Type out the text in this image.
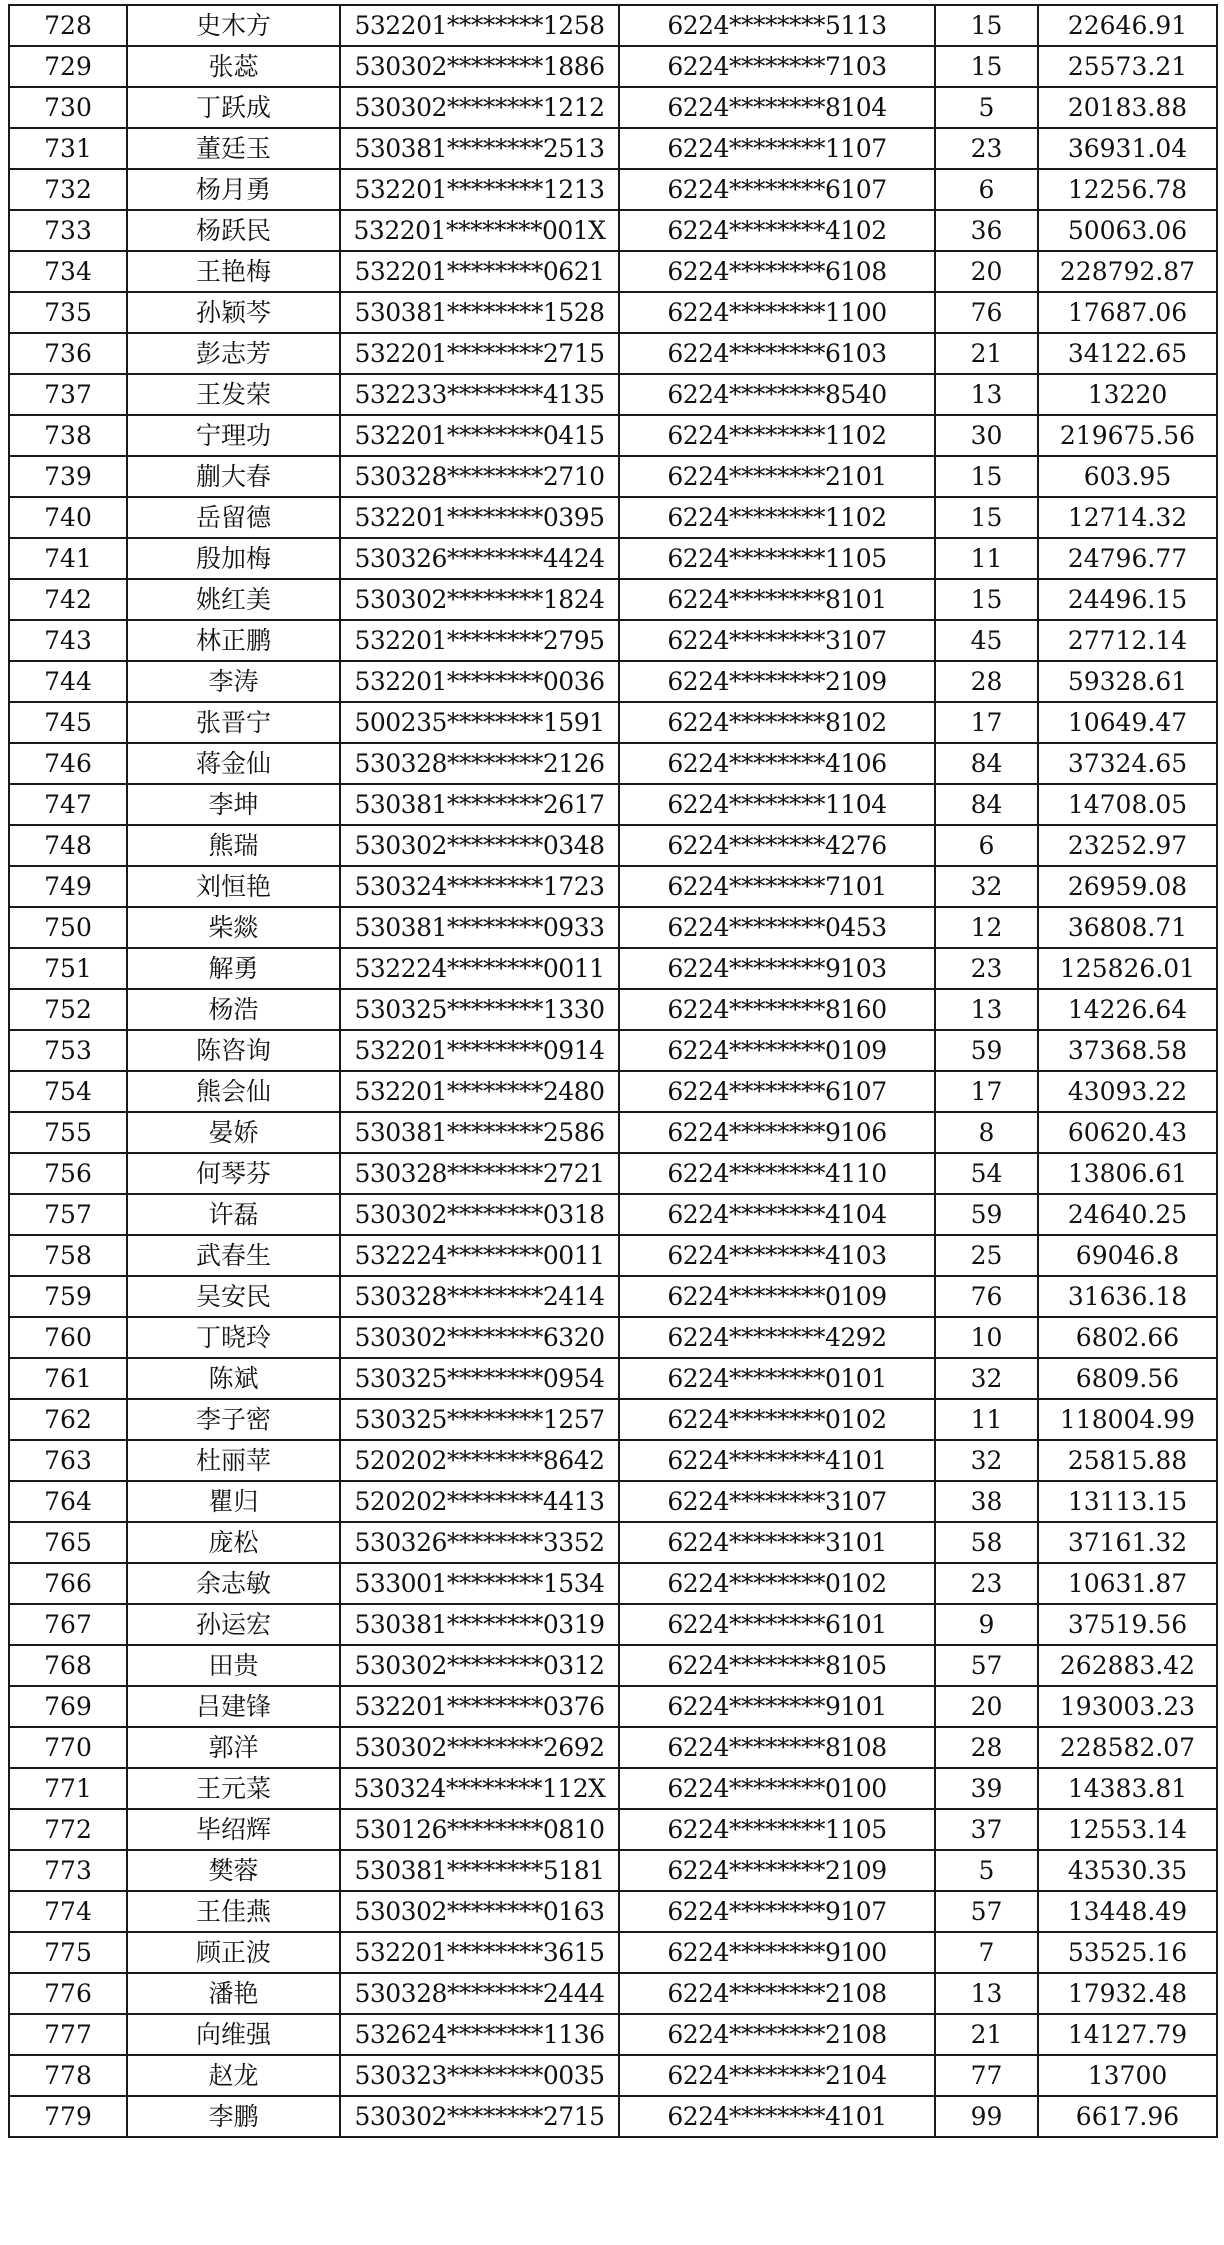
728	史木方	532201********1258	6224********5113	15	22646.91
729	张蕊	530302********1886	6224********7103	15	25573.21
730	丁跃成	530302********1212	6224********8104	5	20183.88
731	董廷玉	530381********2513	6224********1107	23	36931.04
732	杨月勇	532201********1213	6224********6107	6	12256.78
733	杨跃民	532201********001X	6224********4102	36	50063.06
734	王艳梅	532201********0621	6224********6108	20	228792.87
735	孙颖芩	530381********1528	6224********1100	76	17687.06
736	彭志芳	532201********2715	6224********6103	21	34122.65
737	王发荣	532233********4135	6224********8540	13	13220
738	宁理功	532201********0415	6224********1102	30	219675.56
739	蒯大春	530328********2710	6224********2101	15	603.95
740	岳留德	532201********0395	6224********1102	15	12714.32
741	殷加梅	530326********4424	6224********1105	11	24796.77
742	姚红美	530302********1824	6224********8101	15	24496.15
743	林正鹏	532201********2795	6224********3107	45	27712.14
744	李涛	532201********0036	6224********2109	28	59328.61
745	张晋宁	500235********1591	6224********8102	17	10649.47
746	蒋金仙	530328********2126	6224********4106	84	37324.65
747	李坤	530381********2617	6224********1104	84	14708.05
748	熊瑞	530302********0348	6224********4276	6	23252.97
749	刘恒艳	530324********1723	6224********7101	32	26959.08
750	柴燚	530381********0933	6224********0453	12	36808.71
751	解勇	532224********0011	6224********9103	23	125826.01
752	杨浩	530325********1330	6224********8160	13	14226.64
753	陈咨询	532201********0914	6224********0109	59	37368.58
754	熊会仙	532201********2480	6224********6107	17	43093.22
755	晏娇	530381********2586	6224********9106	8	60620.43
756	何琴芬	530328********2721	6224********4110	54	13806.61
757	许磊	530302********0318	6224********4104	59	24640.25
758	武春生	532224********0011	6224********4103	25	69046.8
759	吴安民	530328********2414	6224********0109	76	31636.18
760	丁晓玲	530302********6320	6224********4292	10	6802.66
761	陈斌	530325********0954	6224********0101	32	6809.56
762	李子密	530325********1257	6224********0102	11	118004.99
763	杜丽苹	520202********8642	6224********4101	32	25815.88
764	瞿归	520202********4413	6224********3107	38	13113.15
765	庞松	530326********3352	6224********3101	58	37161.32
766	余志敏	533001********1534	6224********0102	23	10631.87
767	孙运宏	530381********0319	6224********6101	9	37519.56
768	田贵	530302********0312	6224********8105	57	262883.42
769	吕建锋	532201********0376	6224********9101	20	193003.23
770	郭洋	530302********2692	6224********8108	28	228582.07
771	王元菜	530324********112X	6224********0100	39	14383.81
772	毕绍辉	530126********0810	6224********1105	37	12553.14
773	樊蓉	530381********5181	6224********2109	5	43530.35
774	王佳燕	530302********0163	6224********9107	57	13448.49
775	顾正波	532201********3615	6224********9100	7	53525.16
776	潘艳	530328********2444	6224********2108	13	17932.48
777	向维强	532624********1136	6224********2108	21	14127.79
778	赵龙	530323********0035	6224********2104	77	13700
779	李鹏	530302********2715	6224********4101	99	6617.96
